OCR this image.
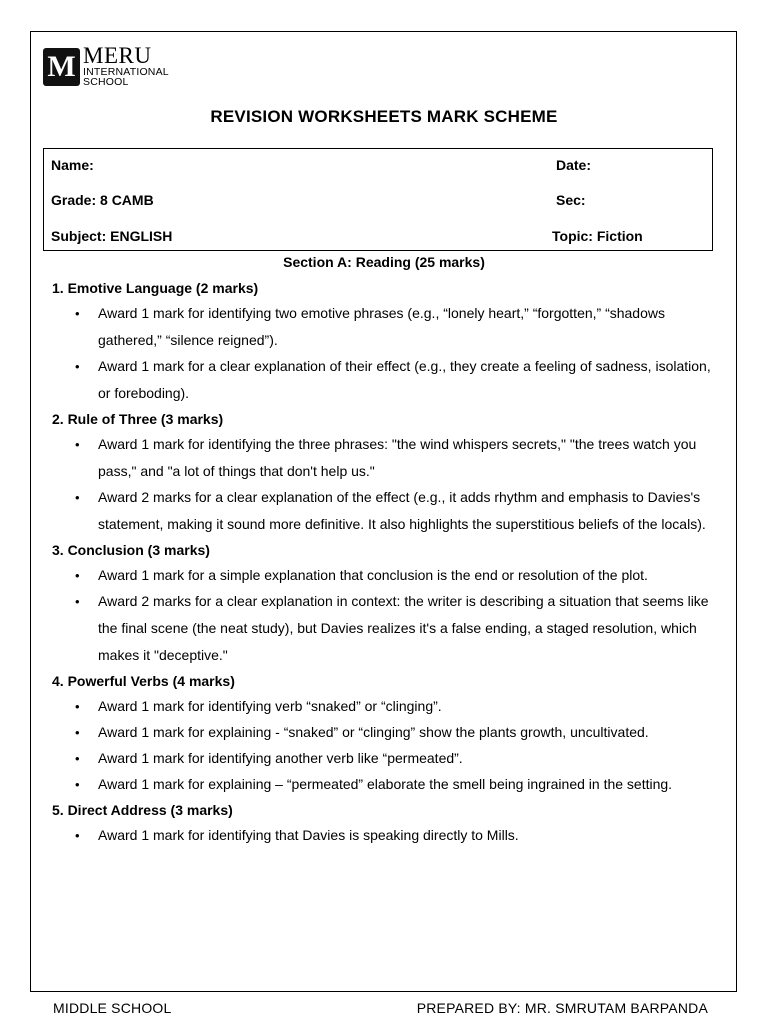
M MERU
INTERNATIONAL
SCHOOL
REVISION WORKSHEETS MARK SCHEME
Name:	Date:
Grade: 8 CAMB	Sec:
Subject: ENGLISH	Topic: Fiction
Section A: Reading (25 marks)
1. Emotive Language (2 marks)
• Award 1 mark for identifying two emotive phrases (e.g., “lonely heart,” “forgotten,” “shadows gathered,” “silence reigned”).
• Award 1 mark for a clear explanation of their effect (e.g., they create a feeling of sadness, isolation, or foreboding).
2. Rule of Three (3 marks)
• Award 1 mark for identifying the three phrases: "the wind whispers secrets," "the trees watch you pass," and "a lot of things that don't help us."
• Award 2 marks for a clear explanation of the effect (e.g., it adds rhythm and emphasis to Davies's statement, making it sound more definitive. It also highlights the superstitious beliefs of the locals).
3. Conclusion (3 marks)
• Award 1 mark for a simple explanation that conclusion is the end or resolution of the plot.
• Award 2 marks for a clear explanation in context: the writer is describing a situation that seems like the final scene (the neat study), but Davies realizes it's a false ending, a staged resolution, which makes it "deceptive."
4. Powerful Verbs (4 marks)
• Award 1 mark for identifying verb “snaked” or “clinging”.
• Award 1 mark for explaining - “snaked” or “clinging” show the plants growth, uncultivated.
• Award 1 mark for identifying another verb like “permeated”.
• Award 1 mark for explaining – “permeated” elaborate the smell being ingrained in the setting.
5. Direct Address (3 marks)
• Award 1 mark for identifying that Davies is speaking directly to Mills.
MIDDLE SCHOOL	PREPARED BY: MR. SMRUTAM BARPANDA
